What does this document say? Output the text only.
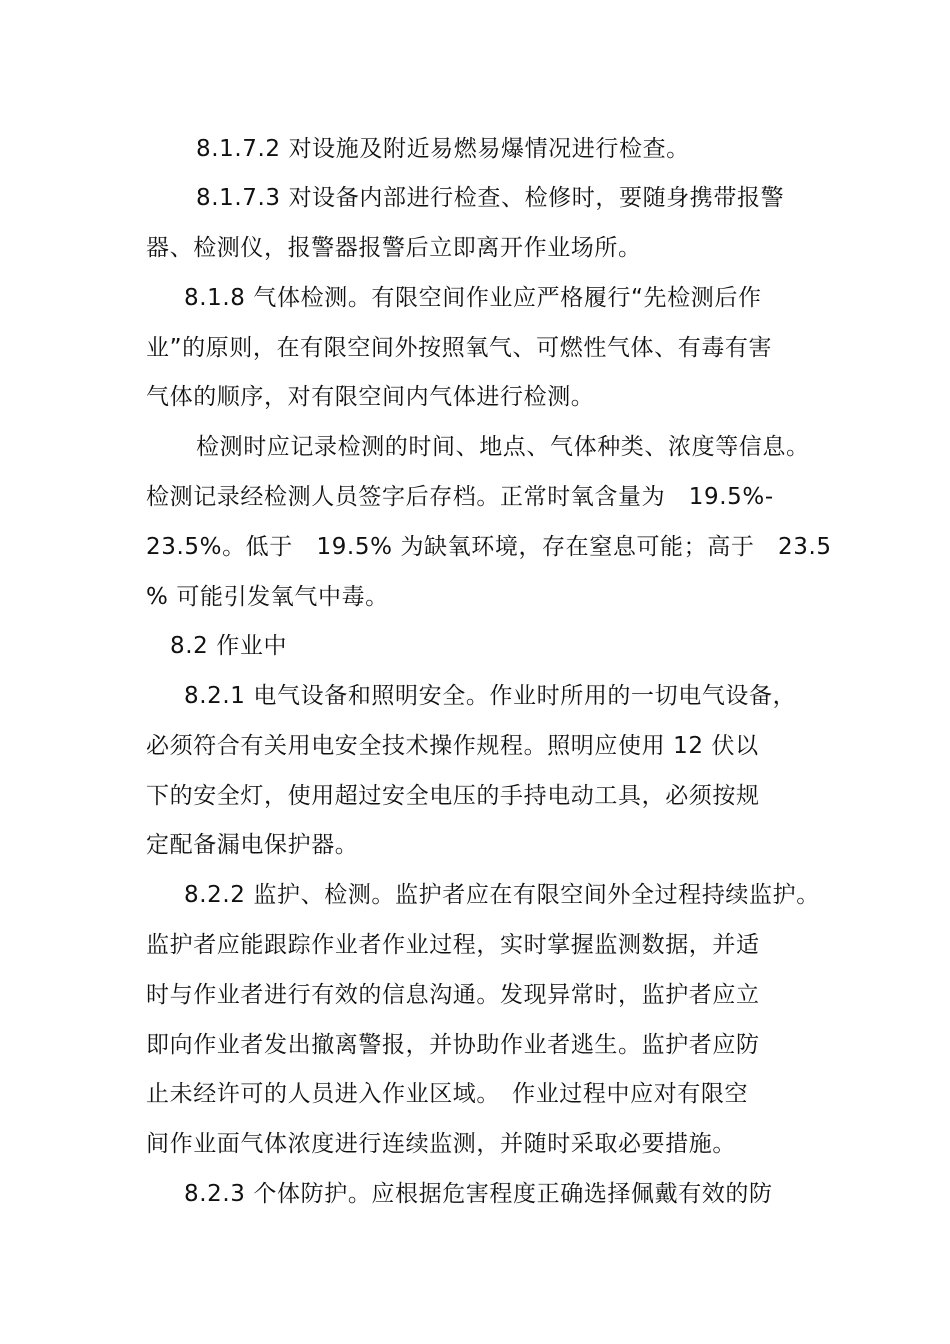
8.1.7.2 对设施及附近易燃易爆情况进行检查。
8.1.7.3 对设备内部进行检查、检修时，要随身携带报警
器、检测仪，报警器报警后立即离开作业场所。
8.1.8 气体检测。有限空间作业应严格履行“先检测后作
业”的原则，在有限空间外按照氧气、可燃性气体、有毒有害
气体的顺序，对有限空间内气体进行检测。
检测时应记录检测的时间、地点、气体种类、浓度等信息。
检测记录经检测人员签字后存档。正常时氧含量为　19.5%-
23.5%。低于　19.5% 为缺氧环境，存在窒息可能；高于　23.5
% 可能引发氧气中毒。
8.2 作业中
8.2.1 电气设备和照明安全。作业时所用的一切电气设备，
必须符合有关用电安全技术操作规程。照明应使用 12 伏以
下的安全灯，使用超过安全电压的手持电动工具，必须按规
定配备漏电保护器。
8.2.2 监护、检测。监护者应在有限空间外全过程持续监护。
监护者应能跟踪作业者作业过程，实时掌握监测数据，并适
时与作业者进行有效的信息沟通。发现异常时，监护者应立
即向作业者发出撤离警报，并协助作业者逃生。监护者应防
止未经许可的人员进入作业区域。　作业过程中应对有限空
间作业面气体浓度进行连续监测，并随时采取必要措施。
8.2.3 个体防护。应根据危害程度正确选择佩戴有效的防
